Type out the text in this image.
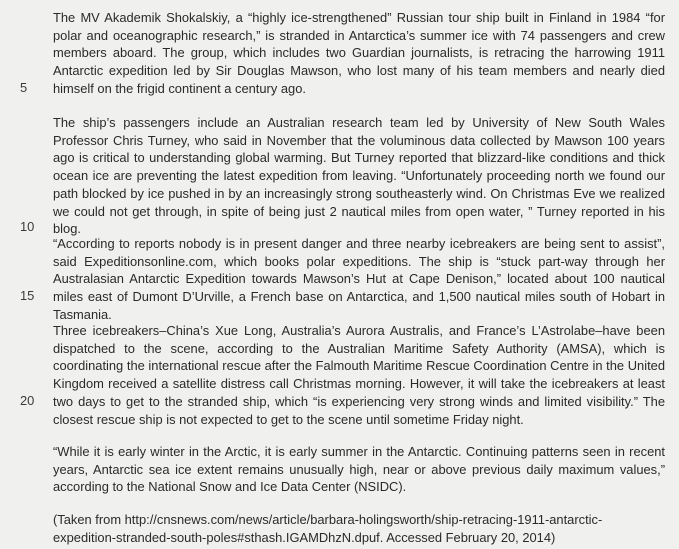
5
10
15
20

The MV Akademik Shokalskiy, a “highly ice-strengthened” Russian tour ship built in Finland in 1984 “for polar and oceanographic research,” is stranded in Antarctica’s summer ice with 74 passengers and crew members aboard. The group, which includes two Guardian journalists, is retracing the harrowing 1911 Antarctic expedition led by Sir Douglas Mawson, who lost many of his team members and nearly died himself on the frigid continent a century ago.

The ship’s passengers include an Australian research team led by University of New South Wales Professor Chris Turney, who said in November that the voluminous data collected by Mawson 100 years ago is critical to understanding global warming. But Turney reported that blizzard-like conditions and thick ocean ice are preventing the latest expedition from leaving. “Unfortunately proceeding north we found our path blocked by ice pushed in by an increasingly strong southeasterly wind. On Christmas Eve we realized we could not get through, in spite of being just 2 nautical miles from open water, ” Turney reported in his blog.

“According to reports nobody is in present danger and three nearby icebreakers are being sent to assist”, said Expeditionsonline.com, which books polar expeditions. The ship is “stuck part-way through her Australasian Antarctic Expedition towards Mawson’s Hut at Cape Denison,” located about 100 nautical miles east of Dumont D’Urville, a French base on Antarctica, and 1,500 nautical miles south of Hobart in Tasmania.

Three icebreakers–China’s Xue Long, Australia’s Aurora Australis, and France’s L’Astrolabe–have been dispatched to the scene, according to the Australian Maritime Safety Authority (AMSA), which is coordinating the international rescue after the Falmouth Maritime Rescue Coordination Centre in the United Kingdom received a satellite distress call Christmas morning. However, it will take the icebreakers at least two days to get to the stranded ship, which “is experiencing very strong winds and limited visibility.” The closest rescue ship is not expected to get to the scene until sometime Friday night.

“While it is early winter in the Arctic, it is early summer in the Antarctic. Continuing patterns seen in recent years, Antarctic sea ice extent remains unusually high, near or above previous daily maximum values,” according to the National Snow and Ice Data Center (NSIDC).

(Taken from http://cnsnews.com/news/article/barbara-holingsworth/ship-retracing-1911-antarctic-expedition-stranded-south-poles#sthash.IGAMDhzN.dpuf. Accessed February 20, 2014)
